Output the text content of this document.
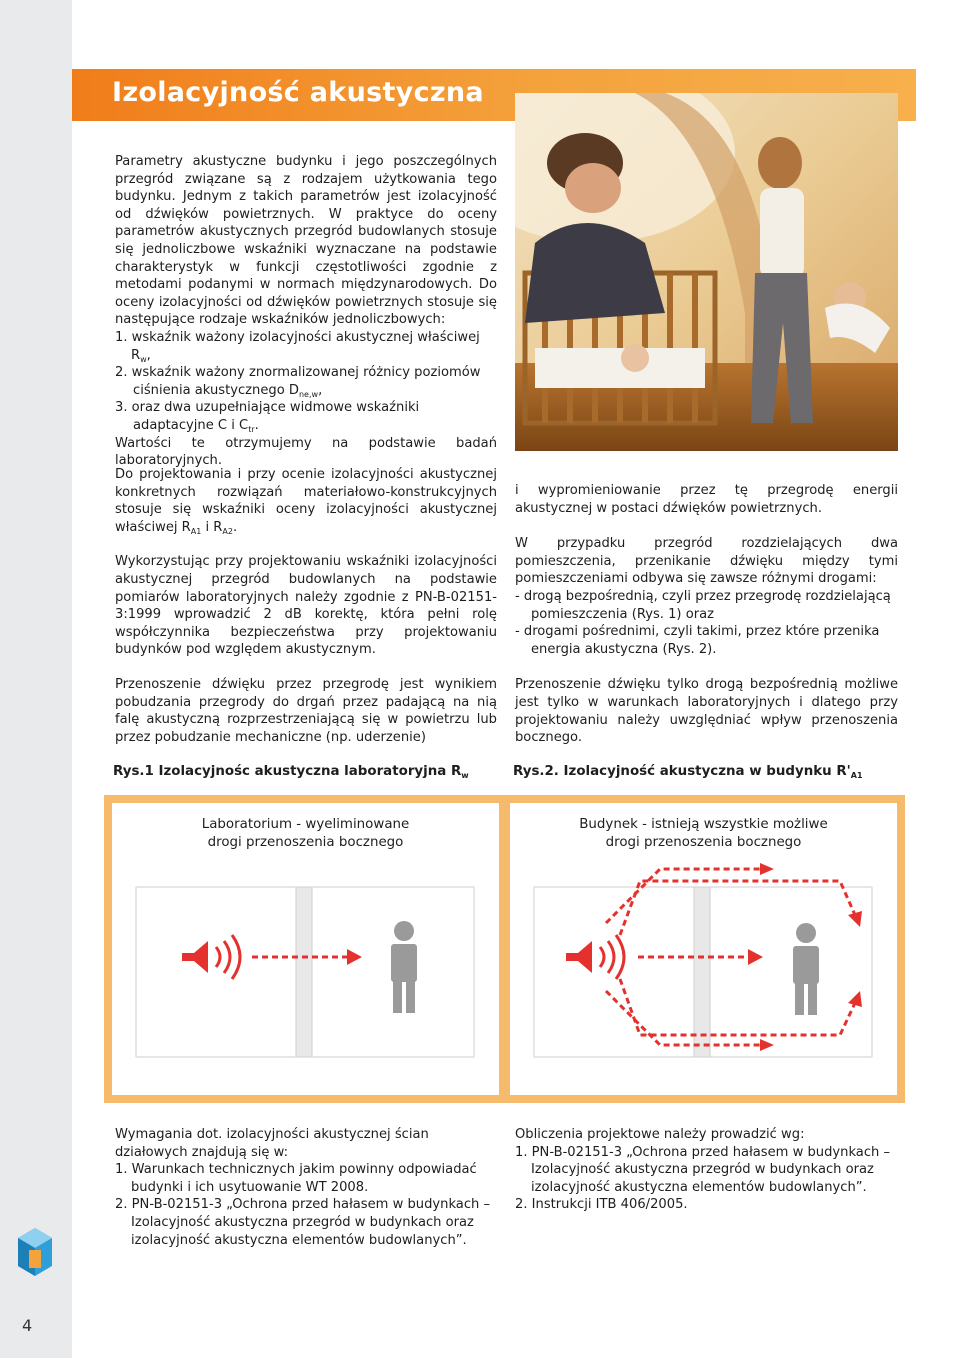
Izolacyjność akustyczna

Parametry akustyczne budynku i jego poszczególnych przegród związane są z rodzajem użytkowania tego budynku. Jednym z takich parametrów jest izolacyjność od dźwięków powietrznych. W praktyce do oceny parametrów akustycznych przegród budowlanych stosuje się jednoliczbowe wskaźniki wyznaczane na podstawie charakterystyk w funkcji częstotliwości zgodnie z metodami podanymi w normach międzynarodowych. Do oceny izolacyjności od dźwięków powietrznych stosuje się następujące rodzaje wskaźników jednoliczbowych:

1. wskaźnik ważony izolacyjności akustycznej właściwej $R_w$,

2. wskaźnik ważony znormalizowanej różnicy poziomów ciśnienia akustycznego $D_{ne,w}$,

3. oraz dwa uzupełniające widmowe wskaźniki adaptacyjne C i $C_{tr}$.

Wartości te otrzymujemy na podstawie badań laboratoryjnych.

Do projektowania i przy ocenie izolacyjności akustycznej konkretnych rozwiązań materiałowo-konstrukcyjnych stosuje się wskaźniki oceny izolacyjności akustycznej właściwej $R_{A1}$ i $R_{A2}$.

Wykorzystując przy projektowaniu wskaźniki izolacyjności akustycznej przegród budowlanych na podstawie pomiarów laboratoryjnych należy zgodnie z PN-B-02151-3:1999 wprowadzić 2 dB korektę, która pełni rolę współczynnika bezpieczeństwa przy projektowaniu budynków pod względem akustycznym.

Przenoszenie dźwięku przez przegrodę jest wynikiem pobudzania przegrody do drgań przez padającą na nią falę akustyczną rozprzestrzeniającą się w powietrzu lub przez pobudzanie mechaniczne (np. uderzenie)

i wypromieniowanie przez tę przegrodę energii akustycznej w postaci dźwięków powietrznych.

W przypadku przegród rozdzielających dwa pomieszczenia, przenikanie dźwięku między tymi pomieszczeniami odbywa się zawsze różnymi drogami:

- drogą bezpośrednią, czyli przez przegrodę rozdzielającą pomieszczenia (Rys. 1) oraz

- drogami pośrednimi, czyli takimi, przez które przenika energia akustyczna (Rys. 2).

Przenoszenie dźwięku tylko drogą bezpośrednią możliwe jest tylko w warunkach laboratoryjnych i dlatego przy projektowaniu należy uwzględniać wpływ przenoszenia bocznego.

Rys.1 Izolacyjnośc akustyczna laboratoryjna $R_w$	Rys.2. Izolacyjność akustyczna w budynku $R'_{A1}$
Laboratorium - wyeliminowane
drogi przenoszenia bocznego
Budynek - istnieją wszystkie możliwe
drogi przenoszenia bocznego

Wymagania dot. izolacyjności akustycznej ścian działowych znajdują się w:

1. Warunkach technicznych jakim powinny odpowiadać budynki i ich usytuowanie WT 2008.

2. PN-B-02151-3 „Ochrona przed hałasem w budynkach – Izolacyjność akustyczna przegród w budynkach oraz izolacyjność akustyczna elementów budowlanych”.

Obliczenia projektowe należy prowadzić wg:

1. PN-B-02151-3 „Ochrona przed hałasem w budynkach – Izolacyjność akustyczna przegród w budynkach oraz izolacyjność akustyczna elementów budowlanych”.

2. Instrukcji ITB 406/2005.

4
